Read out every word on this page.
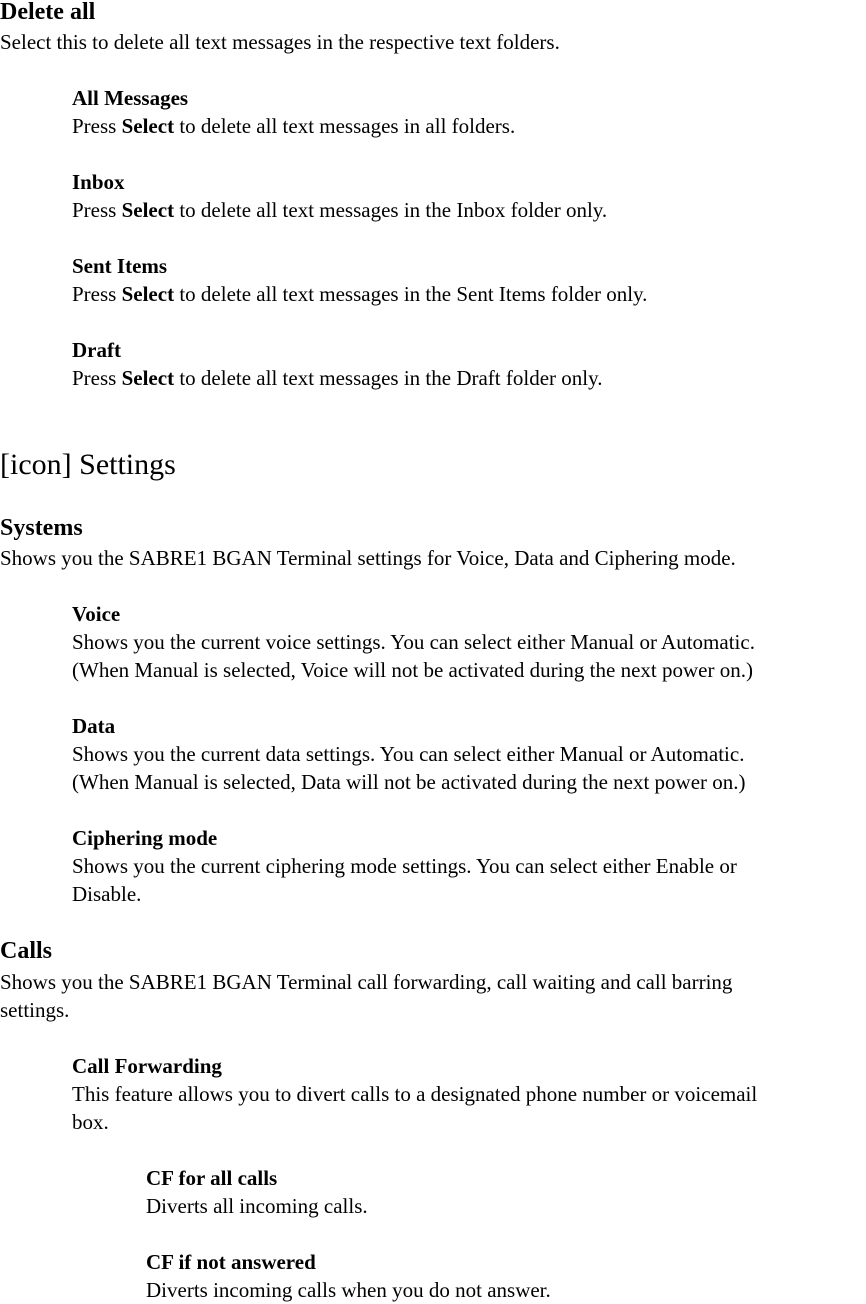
Delete all
Select this to delete all text messages in the respective text folders.
All Messages
Press Select to delete all text messages in all folders.
Inbox
Press Select to delete all text messages in the Inbox folder only.
Sent Items
Press Select to delete all text messages in the Sent Items folder only.
Draft
Press Select to delete all text messages in the Draft folder only.
[icon] Settings
Systems
Shows you the SABRE1 BGAN Terminal settings for Voice, Data and Ciphering mode.
Voice
Shows you the current voice settings. You can select either Manual or Automatic.
(When Manual is selected, Voice will not be activated during the next power on.)
Data
Shows you the current data settings. You can select either Manual or Automatic.
(When Manual is selected, Data will not be activated during the next power on.)
Ciphering mode
Shows you the current ciphering mode settings. You can select either Enable or
Disable.
Calls
Shows you the SABRE1 BGAN Terminal call forwarding, call waiting and call barring
settings.
Call Forwarding
This feature allows you to divert calls to a designated phone number or voicemail
box.
CF for all calls
Diverts all incoming calls.
CF if not answered
Diverts incoming calls when you do not answer.
